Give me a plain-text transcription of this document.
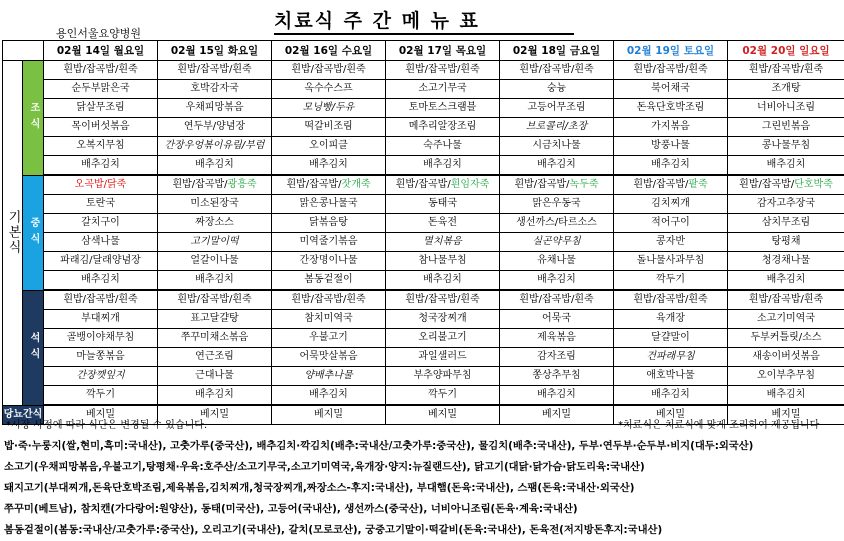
용인서울요양병원
치료식 주 간 메 뉴 표
		02월 14일 월요일	02월 15일 화요일	02월 16일 수요일	02월 17일 목요일	02월 18일 금요일	02월 19일 토요일	02월 20일 일요일
기본식	조식	흰밥/잡곡밥/흰죽	흰밥/잡곡밥/흰죽	흰밥/잡곡밥/흰죽	흰밥/잡곡밥/흰죽	흰밥/잡곡밥/흰죽	흰밥/잡곡밥/흰죽	흰밥/잡곡밥/흰죽
		순두부맑은국	호박감자국	옥수수스프	소고기무국	숭늉	북어채국	조개탕
		닭살무조림	우채피망볶음	모닝빵/두유	토마토스크램블	고등어무조림	돈육단호박조림	너비아니조림
		목이버섯볶음	연두부/양념장	떡갈비조림	메추리알장조림	브로콜리/초장	가지볶음	그린빈볶음
		오복지무침	간장우엉볶이유림/부럼	오이피클	숙주나물	시금치나물	방풍나물	콩나물무침
		배추김치	배추김치	배추김치	배추김치	배추김치	배추김치	배추김치
	중식	오곡밥/닭죽	흰밥/잡곡밥/광흥죽	흰밥/잡곡밥/잣개죽	흰밥/잡곡밥/흰임자죽	흰밥/잡곡밥/녹두죽	흰밥/잡곡밥/팥죽	흰밥/잡곡밥/단호박죽
		토란국	미소된장국	맑은콩나물국	동태국	맑은우동국	김치찌개	감자고추장국
		갈치구이	짜장소스	닭볶음탕	돈육전	생선까스/타르소스	적어구이	삼치무조림
		삼색나물	고기말이떡	미역줄기볶음	멸치볶음	실곤약무침	콩자반	탕평채
		파래김/달래양념장	얼갈이나물	간장명이나물	참나물무침	유채나물	돌나물사과무침	청경채나물
		배추김치	배추김치	봄동겉절이	배추김치	배추김치	깍두기	배추김치
	석식	흰밥/잡곡밥/흰죽	흰밥/잡곡밥/흰죽	흰밥/잡곡밥/흰죽	흰밥/잡곡밥/흰죽	흰밥/잡곡밥/흰죽	흰밥/잡곡밥/흰죽	흰밥/잡곡밥/흰죽
		부대찌개	표고달걀탕	참치미역국	청국장찌개	어묵국	육개장	소고기미역국
		골뱅이야채무침	쭈꾸미채소볶음	우불고기	오리불고기	제육볶음	달걀말이	두부커틀릿/소스
		마늘쫑볶음	연근조림	어묵맛살볶음	과일샐러드	감자조림	건파래무침	새송이버섯볶음
		간장깻잎지	근대나물	양배추나물	부추양파무침	쫑상추무침	애호박나물	오이부추무침
		깍두기	배추김치	배추김치	깍두기	배추김치	배추김치	배추김치
당뇨간식		베지밀	베지밀	베지밀	베지밀	베지밀	베지밀	베지밀
*시장 사정에 따라 식단은 변경될 수 있습니다.	*치료식은 치료식에 맞게 조리하여 제공됩니다
밥·죽·누룽지(쌀,현미,흑미:국내산), 고춧가루(중국산), 배추김치·깍김치(배추:국내산/고춧가루:중국산), 물김치(배추:국내산), 두부·연두부·순두부·비지(대두:외국산)
소고기(우채피망볶음,우불고기,탕평채·우육:호주산/소고기무국,소고기미역국,육개장·양지:뉴질랜드산), 닭고기(대닭·닭가슴·닭도리육:국내산)
돼지고기(부대찌개,돈육단호박조림,제육볶음,김치찌개,청국장찌개,짜장소스-후지:국내산), 부대햄(돈육:국내산), 스팸(돈육:국내산·외국산)
쭈꾸미(베트남), 참치캔(가다랑어:원양산), 동태(미국산), 고등어(국내산), 생선까스(중국산), 너비아니조림(돈육·계육:국내산)
봄동겉절이(봄동:국내산/고춧가루:중국산), 오리고기(국내산), 갈치(모로코산), 궁중고기말이·떡갈비(돈육:국내산), 돈육전(저지방돈후지:국내산)
